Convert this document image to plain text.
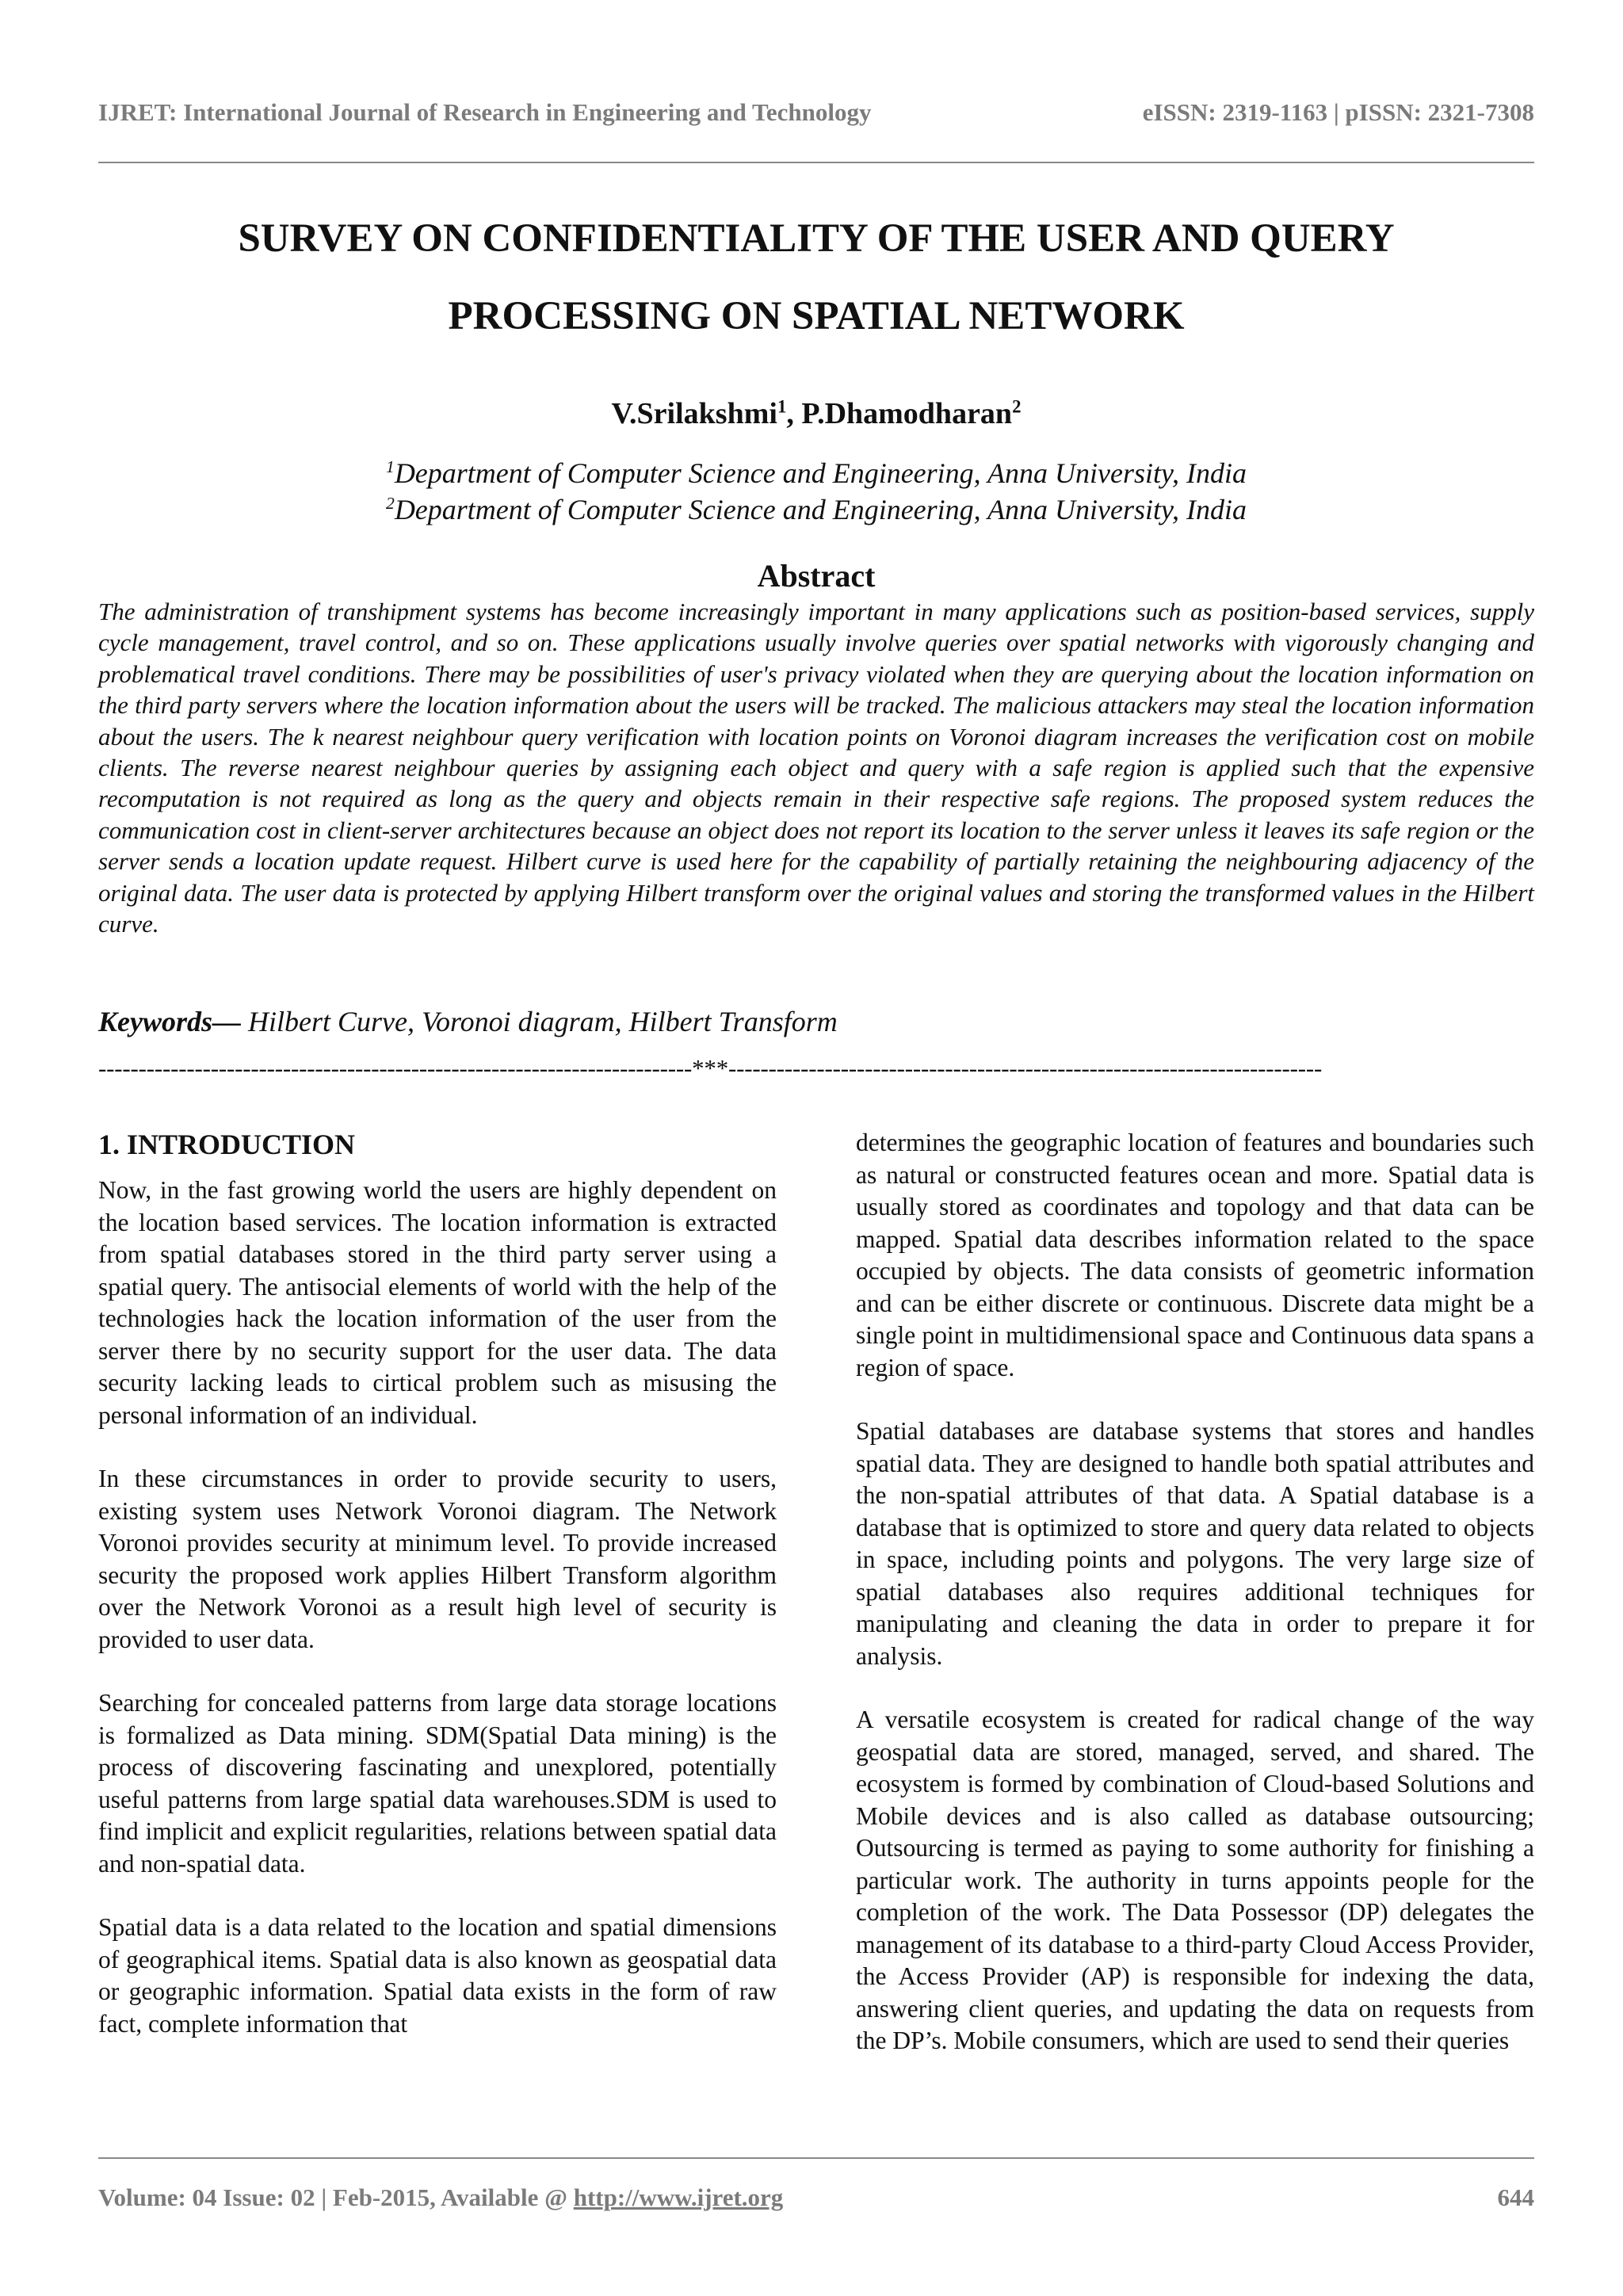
IJRET: International Journal of Research in Engineering and Technology	eISSN: 2319-1163 | pISSN: 2321-7308
SURVEY ON CONFIDENTIALITY OF THE USER AND QUERY
PROCESSING ON SPATIAL NETWORK
V.Srilakshmi$^1$, P.Dhamodharan$^2$
$^1$Department of Computer Science and Engineering, Anna University, India
$^2$Department of Computer Science and Engineering, Anna University, India
Abstract

The administration of transhipment systems has become increasingly important in many applications such as position-based services, supply cycle management, travel control, and so on. These applications usually involve queries over spatial networks with vigorously changing and problematical travel conditions. There may be possibilities of user's privacy violated when they are querying about the location information on the third party servers where the location information about the users will be tracked. The malicious attackers may steal the location information about the users. The k nearest neighbour query verification with location points on Voronoi diagram increases the verification cost on mobile clients. The reverse nearest neighbour queries by assigning each object and query with a safe region is applied such that the expensive recomputation is not required as long as the query and objects remain in their respective safe regions. The proposed system reduces the communication cost in client-server architectures because an object does not report its location to the server unless it leaves its safe region or the server sends a location update request. Hilbert curve is used here for the capability of partially retaining the neighbouring adjacency of the original data. The user data is protected by applying Hilbert transform over the original values and storing the transformed values in the Hilbert curve.

Keywords— Hilbert Curve, Voronoi diagram, Hilbert Transform
--------------------------------------------------------------------------***--------------------------------------------------------------------------
1. INTRODUCTION

Now, in the fast growing world the users are highly dependent on the location based services. The location information is extracted from spatial databases stored in the third party server using a spatial query. The antisocial elements of world with the help of the technologies hack the location information of the user from the server there by no security support for the user data. The data security lacking leads to cirtical problem such as misusing the personal information of an individual.

In these circumstances in order to provide security to users, existing system uses Network Voronoi diagram. The Network Voronoi provides security at minimum level. To provide increased security the proposed work applies Hilbert Transform algorithm over the Network Voronoi as a result high level of security is provided to user data.

Searching for concealed patterns from large data storage locations is formalized as Data mining. SDM(Spatial Data mining) is the process of discovering fascinating and unexplored, potentially useful patterns from large spatial data warehouses.SDM is used to find implicit and explicit regularities, relations between spatial data and non-spatial data.

Spatial data is a data related to the location and spatial dimensions of geographical items. Spatial data is also known as geospatial data or geographic information. Spatial data exists in the form of raw fact, complete information that

determines the geographic location of features and boundaries such as natural or constructed features ocean and more. Spatial data is usually stored as coordinates and topology and that data can be mapped. Spatial data describes information related to the space occupied by objects. The data consists of geometric information and can be either discrete or continuous. Discrete data might be a single point in multidimensional space and Continuous data spans a region of space.

Spatial databases are database systems that stores and handles spatial data. They are designed to handle both spatial attributes and the non-spatial attributes of that data. A Spatial database is a database that is optimized to store and query data related to objects in space, including points and polygons. The very large size of spatial databases also requires additional techniques for manipulating and cleaning the data in order to prepare it for analysis.

A versatile ecosystem is created for radical change of the way geospatial data are stored, managed, served, and shared. The ecosystem is formed by combination of Cloud-based Solutions and Mobile devices and is also called as database outsourcing; Outsourcing is termed as paying to some authority for finishing a particular work. The authority in turns appoints people for the completion of the work. The Data Possessor (DP) delegates the management of its database to a third-party Cloud Access Provider, the Access Provider (AP) is responsible for indexing the data, answering client queries, and updating the data on requests from the DP’s. Mobile consumers, which are used to send their queries

Volume: 04 Issue: 02 | Feb-2015, Available @ http://www.ijret.org	644
